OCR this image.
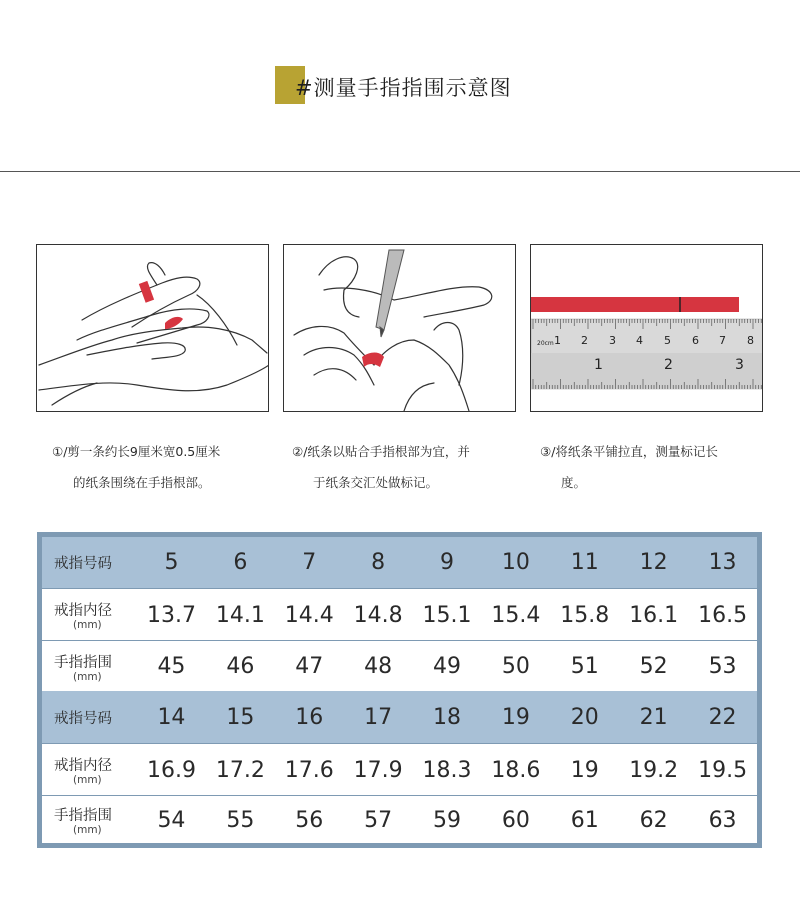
#测量手指指围示意图
20cm 1 2 3 4 5 6 7 8
1	2	3
①/剪一条约长9厘米宽0.5厘米
的纸条围绕在手指根部。
②/纸条以贴合手指根部为宜，并
于纸条交汇处做标记。
③/将纸条平铺拉直，测量标记长
度。
戒指号码	5	6	7	8	9	10	11	12	13
戒指内径
(mm)	13.7 14.1 14.4 14.8 15.1 15.4 15.8 16.1 16.5
手指指围
(mm)	45	46	47	48	49	50	51	52	53
戒指号码	14	15	16	17	18	19	20	21	22
戒指内径
(mm)	16.9 17.2 17.6 17.9 18.3 18.6	19	19.2 19.5
手指指围
(mm)	54	55	56	57	59	60	61	62	63
